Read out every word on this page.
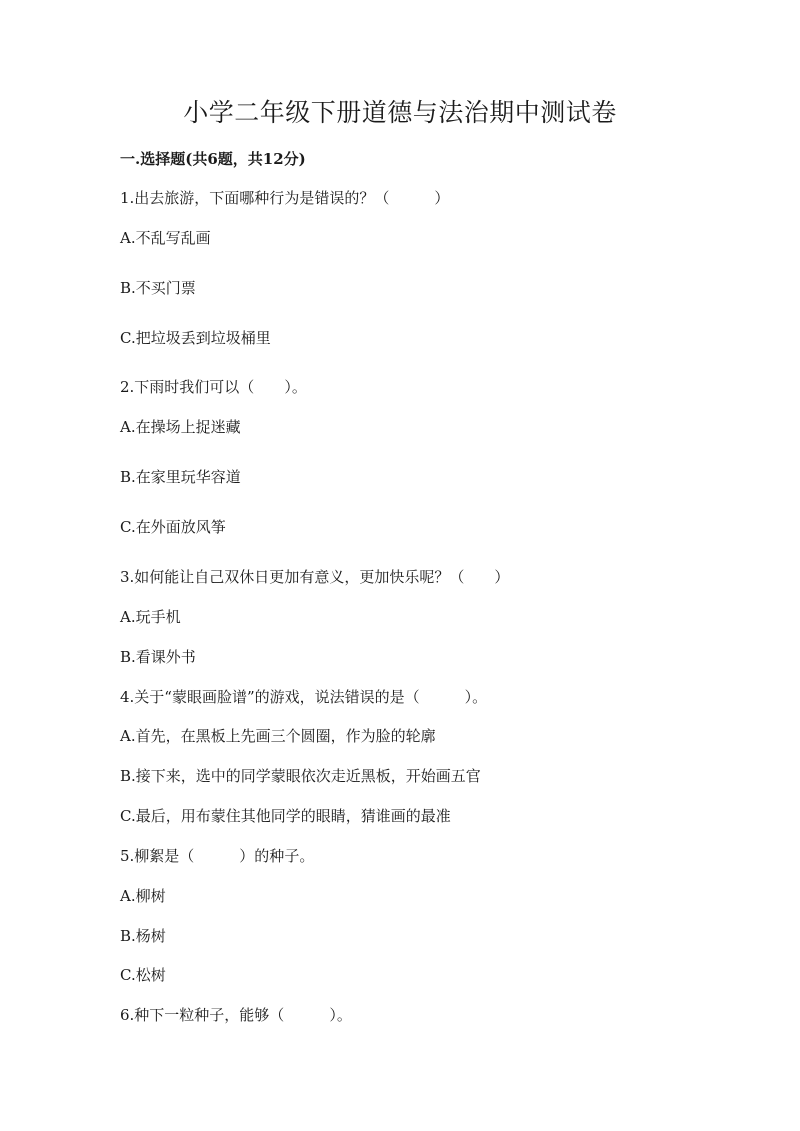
小学二年级下册道德与法治期中测试卷
一.选择题(共6题，共12分)
1.出去旅游，下面哪种行为是错误的？（　　　）
A.不乱写乱画
B.不买门票
C.把垃圾丢到垃圾桶里
2.下雨时我们可以（　　）。
A.在操场上捉迷藏
B.在家里玩华容道
C.在外面放风筝
3.如何能让自己双休日更加有意义，更加快乐呢？（　　）
A.玩手机
B.看课外书
4.关于“蒙眼画脸谱”的游戏，说法错误的是（　　　）。
A.首先，在黑板上先画三个圆圈，作为脸的轮廓
B.接下来，选中的同学蒙眼依次走近黑板，开始画五官
C.最后，用布蒙住其他同学的眼睛，猜谁画的最准
5.柳絮是（　　　）的种子。
A.柳树
B.杨树
C.松树
6.种下一粒种子，能够（　　　）。
